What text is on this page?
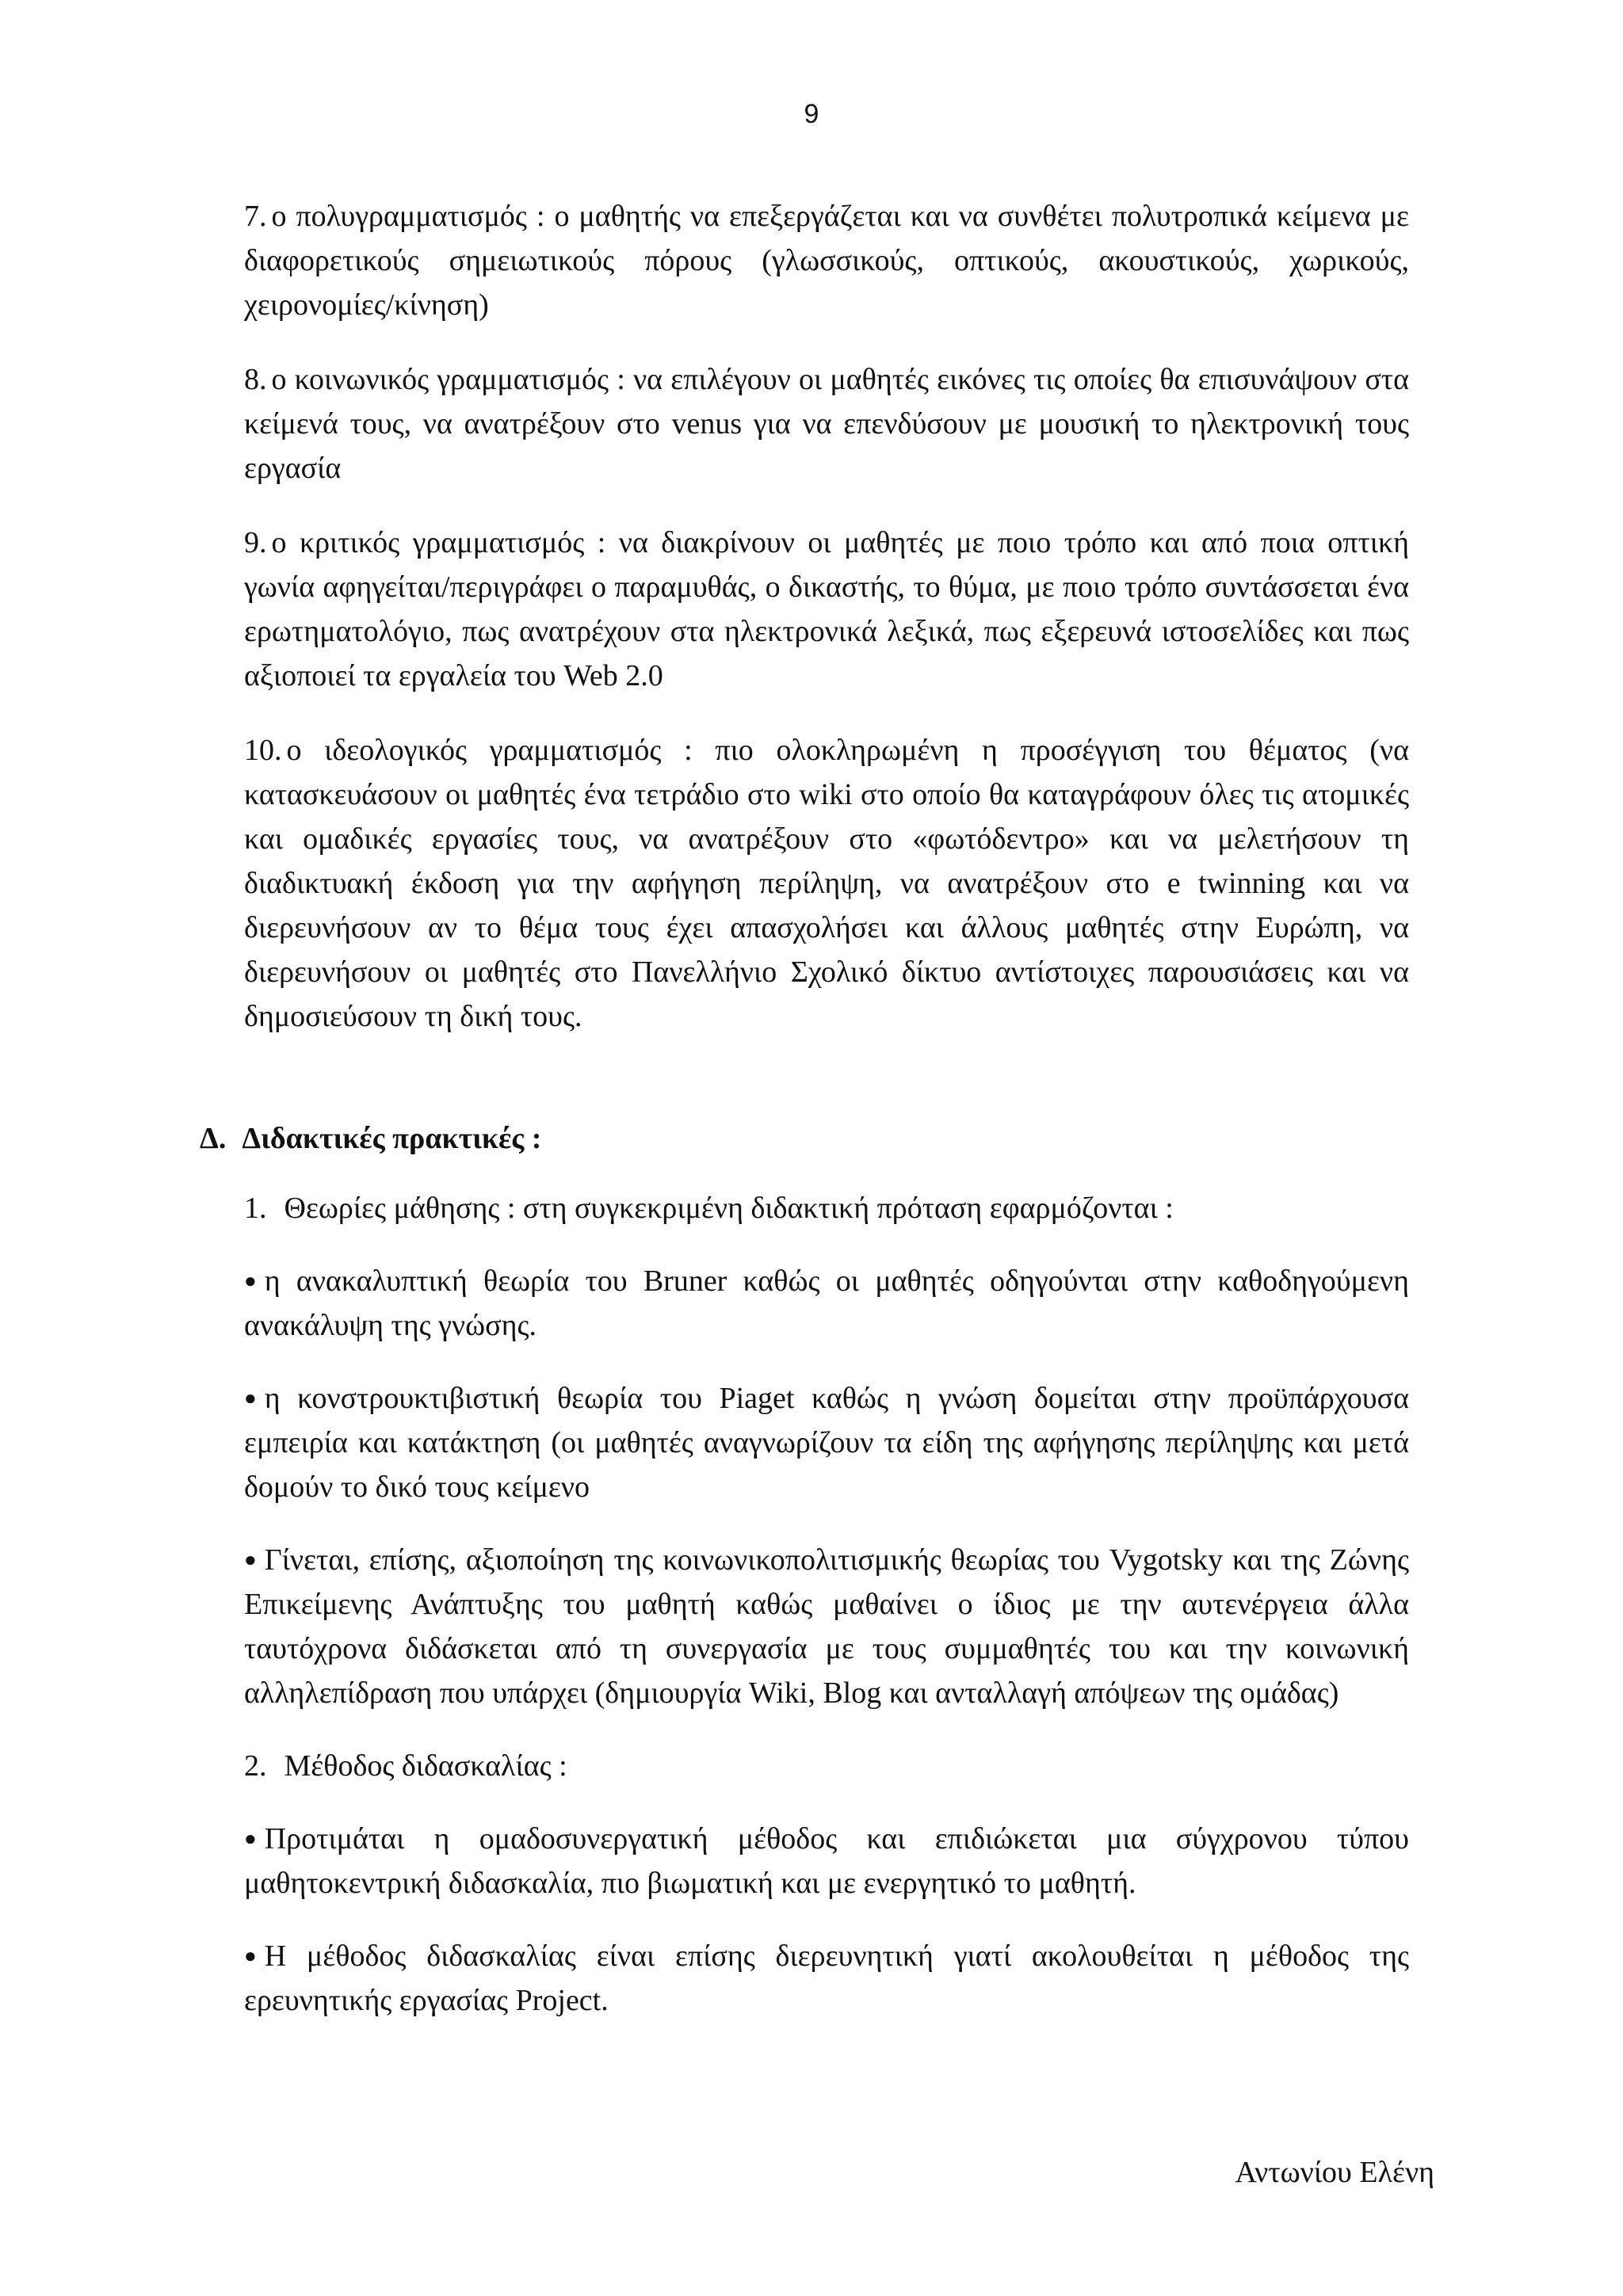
9

7. ο πολυγραμματισμός : ο μαθητής να επεξεργάζεται και να συνθέτει πολυτροπικά κείμενα με διαφορετικούς σημειωτικούς πόρους (γλωσσικούς, οπτικούς, ακουστικούς, χωρικούς, χειρονομίες/κίνηση)

8. ο κοινωνικός γραμματισμός : να επιλέγουν οι μαθητές εικόνες τις οποίες θα επισυνάψουν στα κείμενά τους, να ανατρέξουν στο venus για να επενδύσουν με μουσική το ηλεκτρονική τους εργασία

9. ο κριτικός γραμματισμός : να διακρίνουν οι μαθητές με ποιο τρόπο και από ποια οπτική γωνία αφηγείται/περιγράφει ο παραμυθάς, ο δικαστής, το θύμα, με ποιο τρόπο συντάσσεται ένα ερωτηματολόγιο, πως ανατρέχουν στα ηλεκτρονικά λεξικά, πως εξερευνά ιστοσελίδες και πως αξιοποιεί τα εργαλεία του Web 2.0

10. ο ιδεολογικός γραμματισμός : πιο ολοκληρωμένη η προσέγγιση του θέματος (να κατασκευάσουν οι μαθητές ένα τετράδιο στο wiki στο οποίο θα καταγράφουν όλες τις ατομικές και ομαδικές εργασίες τους, να ανατρέξουν στο «φωτόδεντρο» και να μελετήσουν τη διαδικτυακή έκδοση για την αφήγηση περίληψη, να ανατρέξουν στο e twinning και να διερευνήσουν αν το θέμα τους έχει απασχολήσει και άλλους μαθητές στην Ευρώπη, να διερευνήσουν οι μαθητές στο Πανελλήνιο Σχολικό δίκτυο αντίστοιχες παρουσιάσεις και να δημοσιεύσουν τη δική τους.

Δ. Διδακτικές πρακτικές :

1. Θεωρίες μάθησης : στη συγκεκριμένη διδακτική πρόταση εφαρμόζονται :

● η ανακαλυπτική θεωρία του Bruner καθώς οι μαθητές οδηγούνται στην καθοδηγούμενη ανακάλυψη της γνώσης.

● η κονστρουκτιβιστική θεωρία του Piaget καθώς η γνώση δομείται στην προϋπάρχουσα εμπειρία και κατάκτηση (οι μαθητές αναγνωρίζουν τα είδη της αφήγησης περίληψης και μετά δομούν το δικό τους κείμενο

● Γίνεται, επίσης, αξιοποίηση της κοινωνικοπολιτισμικής θεωρίας του Vygotsky και της Ζώνης Επικείμενης Ανάπτυξης του μαθητή καθώς μαθαίνει ο ίδιος με την αυτενέργεια άλλα ταυτόχρονα διδάσκεται από τη συνεργασία με τους συμμαθητές του και την κοινωνική αλληλεπίδραση που υπάρχει (δημιουργία Wiki, Blog και ανταλλαγή απόψεων της ομάδας)

2. Μέθοδος διδασκαλίας :

● Προτιμάται η ομαδοσυνεργατική μέθοδος και επιδιώκεται μια σύγχρονου τύπου μαθητοκεντρική διδασκαλία, πιο βιωματική και με ενεργητικό το μαθητή.

● Η μέθοδος διδασκαλίας είναι επίσης διερευνητική γιατί ακολουθείται η μέθοδος της ερευνητικής εργασίας Project.

Αντωνίου Ελένη
